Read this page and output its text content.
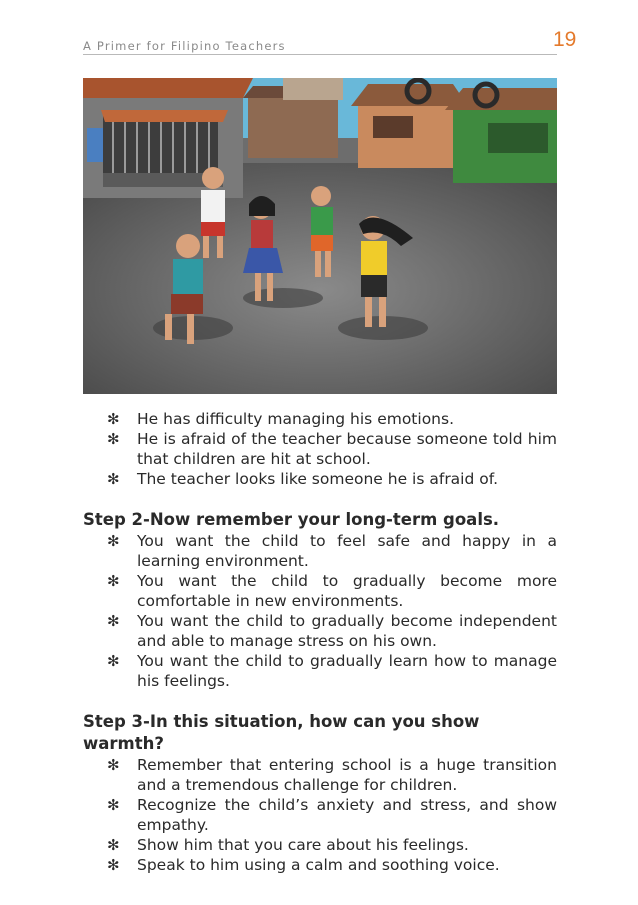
A Primer for Filipino Teachers	19
✻ He has difficulty managing his emotions.
✻ He is afraid of the teacher because someone told him that children are hit at school.
✻ The teacher looks like someone he is afraid of.
Step 2-Now remember your long-term goals.
✻ You want the child to feel safe and happy in a learning environment.
✻ You want the child to gradually become more comfortable in new environments.
✻ You want the child to gradually become independent and able to manage stress on his own.
✻ You want the child to gradually learn how to manage his feelings.
Step 3-In this situation, how can you show warmth?
✻ Remember that entering school is a huge transition and a tremendous challenge for children.
✻ Recognize the child’s anxiety and stress, and show empathy.
✻ Show him that you care about his feelings.
✻ Speak to him using a calm and soothing voice.
